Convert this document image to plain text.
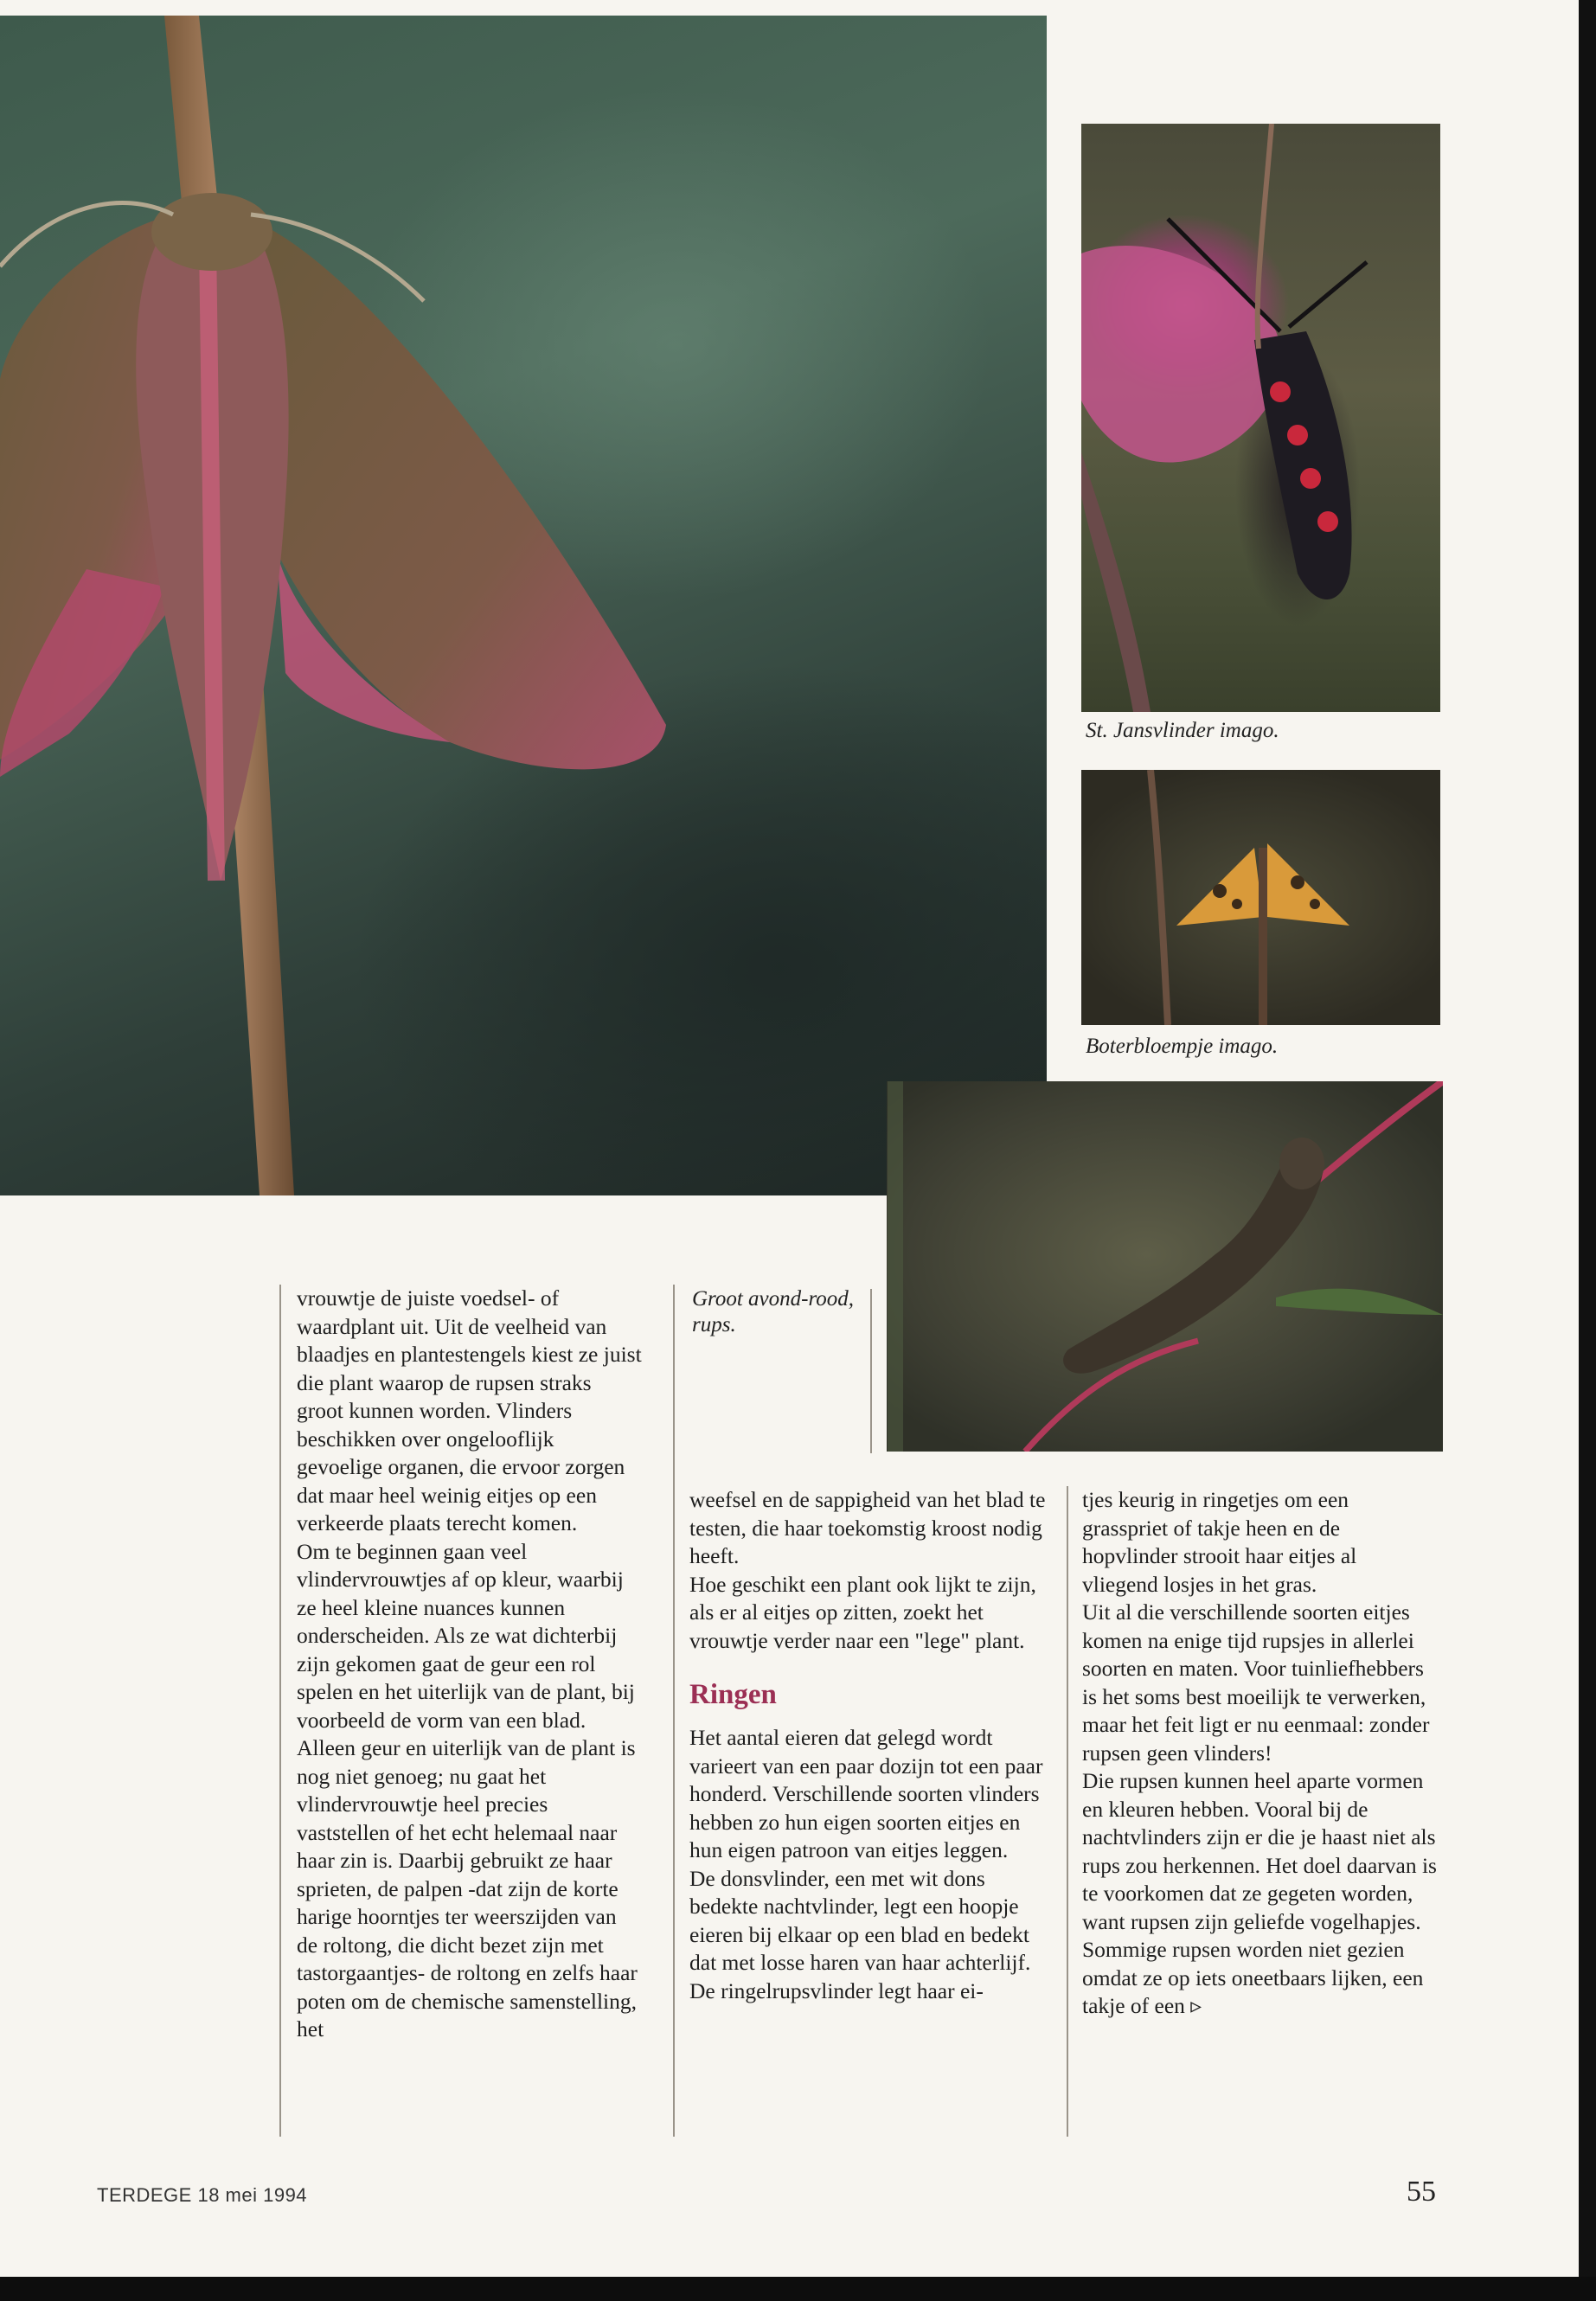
St. Jansvlinder imago.
Boterbloempje imago.
Groot avond-rood, rups.

vrouwtje de juiste voedsel- of waardplant uit. Uit de veelheid van blaadjes en plantestengels kiest ze juist die plant waarop de rupsen straks groot kunnen worden. Vlinders beschikken over ongelooflijk gevoelige organen, die ervoor zorgen dat maar heel weinig eitjes op een verkeerde plaats terecht komen.

Om te beginnen gaan veel vlindervrouwtjes af op kleur, waarbij ze heel kleine nuances kunnen onderscheiden. Als ze wat dichterbij zijn gekomen gaat de geur een rol spelen en het uiterlijk van de plant, bij voorbeeld de vorm van een blad.

Alleen geur en uiterlijk van de plant is nog niet genoeg; nu gaat het vlindervrouwtje heel precies vaststellen of het echt helemaal naar haar zin is. Daarbij gebruikt ze haar sprieten, de palpen -dat zijn de korte harige hoorntjes ter weerszijden van de roltong, die dicht bezet zijn met tastorgaantjes- de roltong en zelfs haar poten om de chemische samenstelling, het

weefsel en de sappigheid van het blad te testen, die haar toekomstig kroost nodig heeft.

Hoe geschikt een plant ook lijkt te zijn, als er al eitjes op zitten, zoekt het vrouwtje verder naar een "lege" plant.

Ringen

Het aantal eieren dat gelegd wordt varieert van een paar dozijn tot een paar honderd. Verschillende soorten vlinders hebben zo hun eigen soorten eitjes en hun eigen patroon van eitjes leggen.

De donsvlinder, een met wit dons bedekte nachtvlinder, legt een hoopje eieren bij elkaar op een blad en bedekt dat met losse haren van haar achterlijf. De ringelrupsvlinder legt haar ei-

tjes keurig in ringetjes om een grasspriet of takje heen en de hopvlinder strooit haar eitjes al vliegend losjes in het gras.

Uit al die verschillende soorten eitjes komen na enige tijd rupsjes in allerlei soorten en maten. Voor tuinliefhebbers is het soms best moeilijk te verwerken, maar het feit ligt er nu eenmaal: zonder rupsen geen vlinders!

Die rupsen kunnen heel aparte vormen en kleuren hebben. Vooral bij de nachtvlinders zijn er die je haast niet als rups zou herkennen. Het doel daarvan is te voorkomen dat ze gegeten worden, want rupsen zijn geliefde vogelhapjes.

Sommige rupsen worden niet gezien omdat ze op iets oneetbaars lijken, een takje of een ▹

TERDEGE 18 mei 1994	55
